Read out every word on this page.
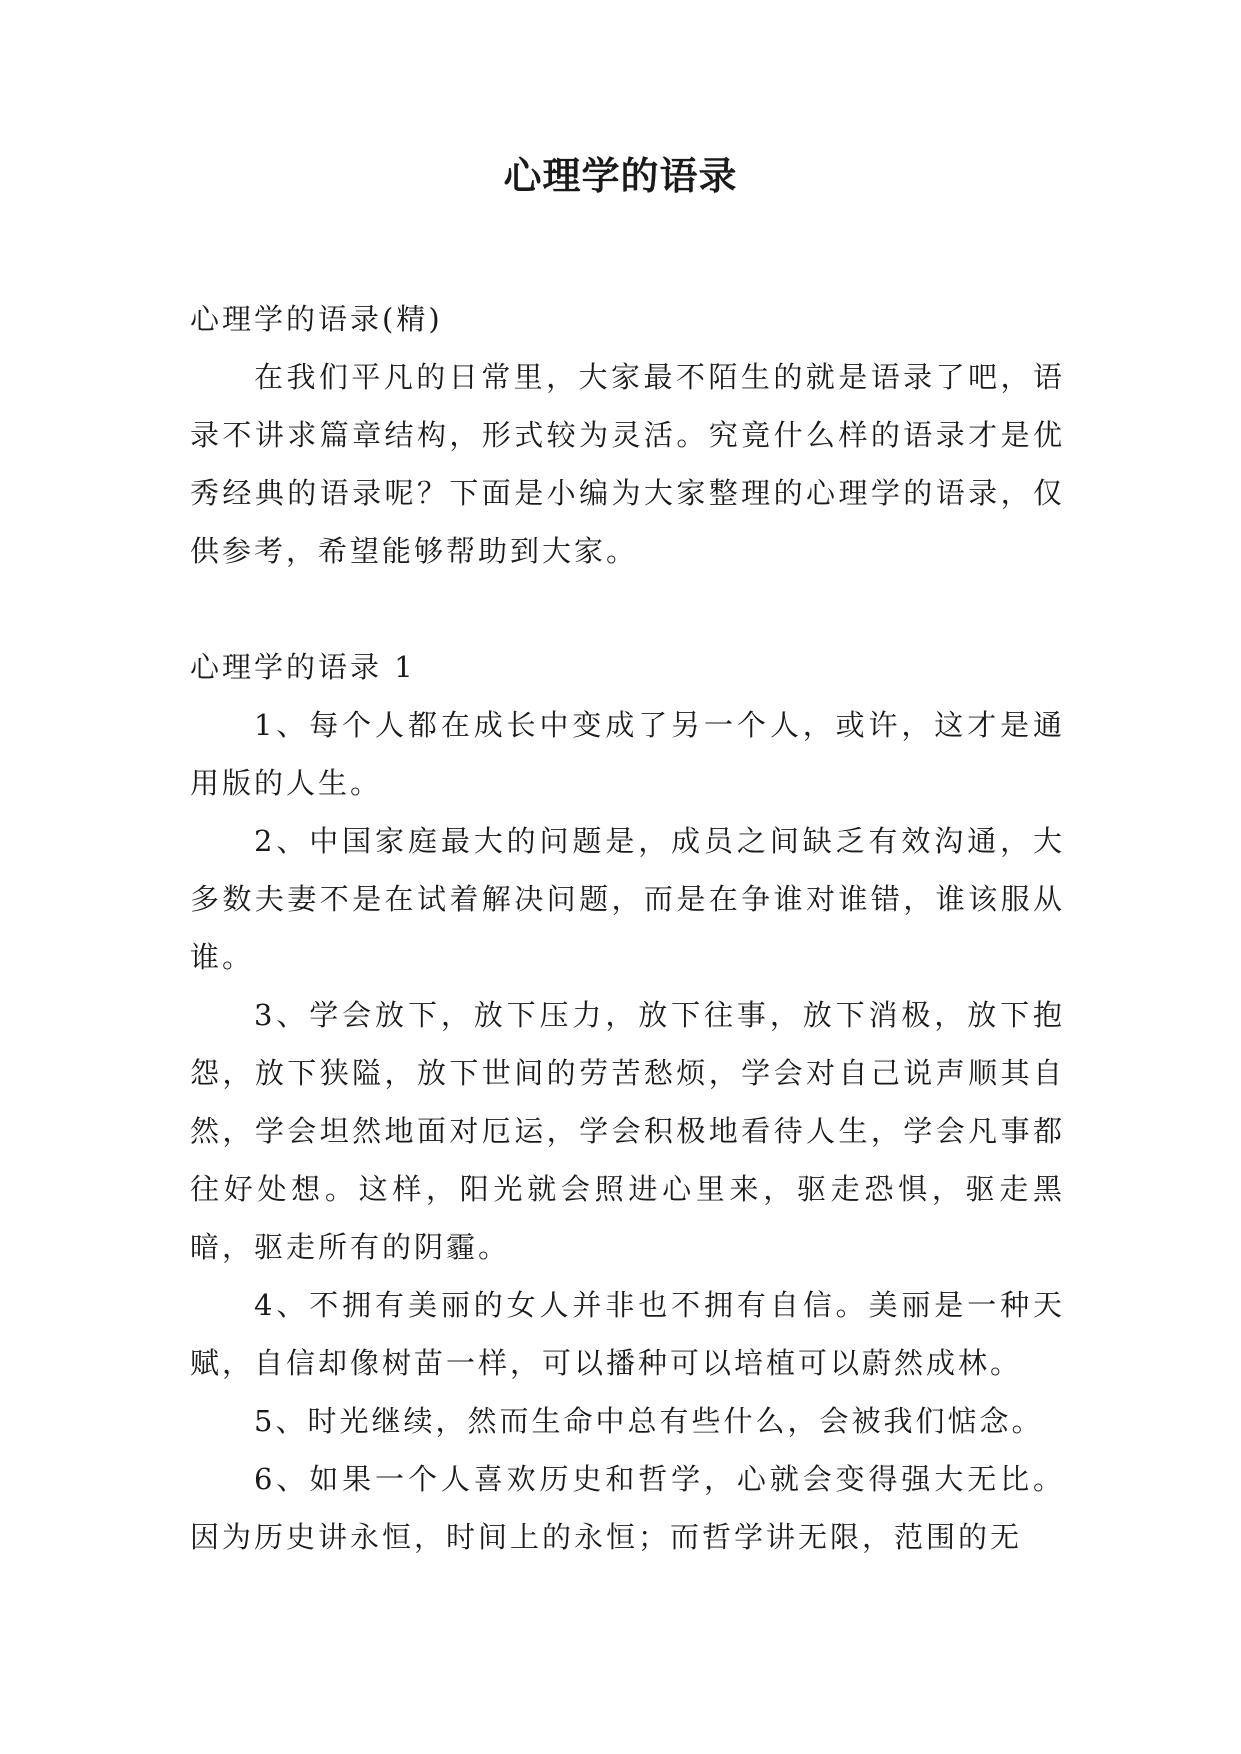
心理学的语录

心理学的语录(精)

在我们平凡的日常里，大家最不陌生的就是语录了吧，语录不讲求篇章结构，形式较为灵活。究竟什么样的语录才是优秀经典的语录呢？下面是小编为大家整理的心理学的语录，仅供参考，希望能够帮助到大家。

心理学的语录 1

1、每个人都在成长中变成了另一个人，或许，这才是通用版的人生。

2、中国家庭最大的问题是，成员之间缺乏有效沟通，大多数夫妻不是在试着解决问题，而是在争谁对谁错，谁该服从谁。

3、学会放下，放下压力，放下往事，放下消极，放下抱怨，放下狭隘，放下世间的劳苦愁烦，学会对自己说声顺其自然，学会坦然地面对厄运，学会积极地看待人生，学会凡事都往好处想。这样，阳光就会照进心里来，驱走恐惧，驱走黑暗，驱走所有的阴霾。

4、不拥有美丽的女人并非也不拥有自信。美丽是一种天赋，自信却像树苗一样，可以播种可以培植可以蔚然成林。

5、时光继续，然而生命中总有些什么，会被我们惦念。

6、如果一个人喜欢历史和哲学，心就会变得强大无比。因为历史讲永恒，时间上的永恒；而哲学讲无限，范围的无
